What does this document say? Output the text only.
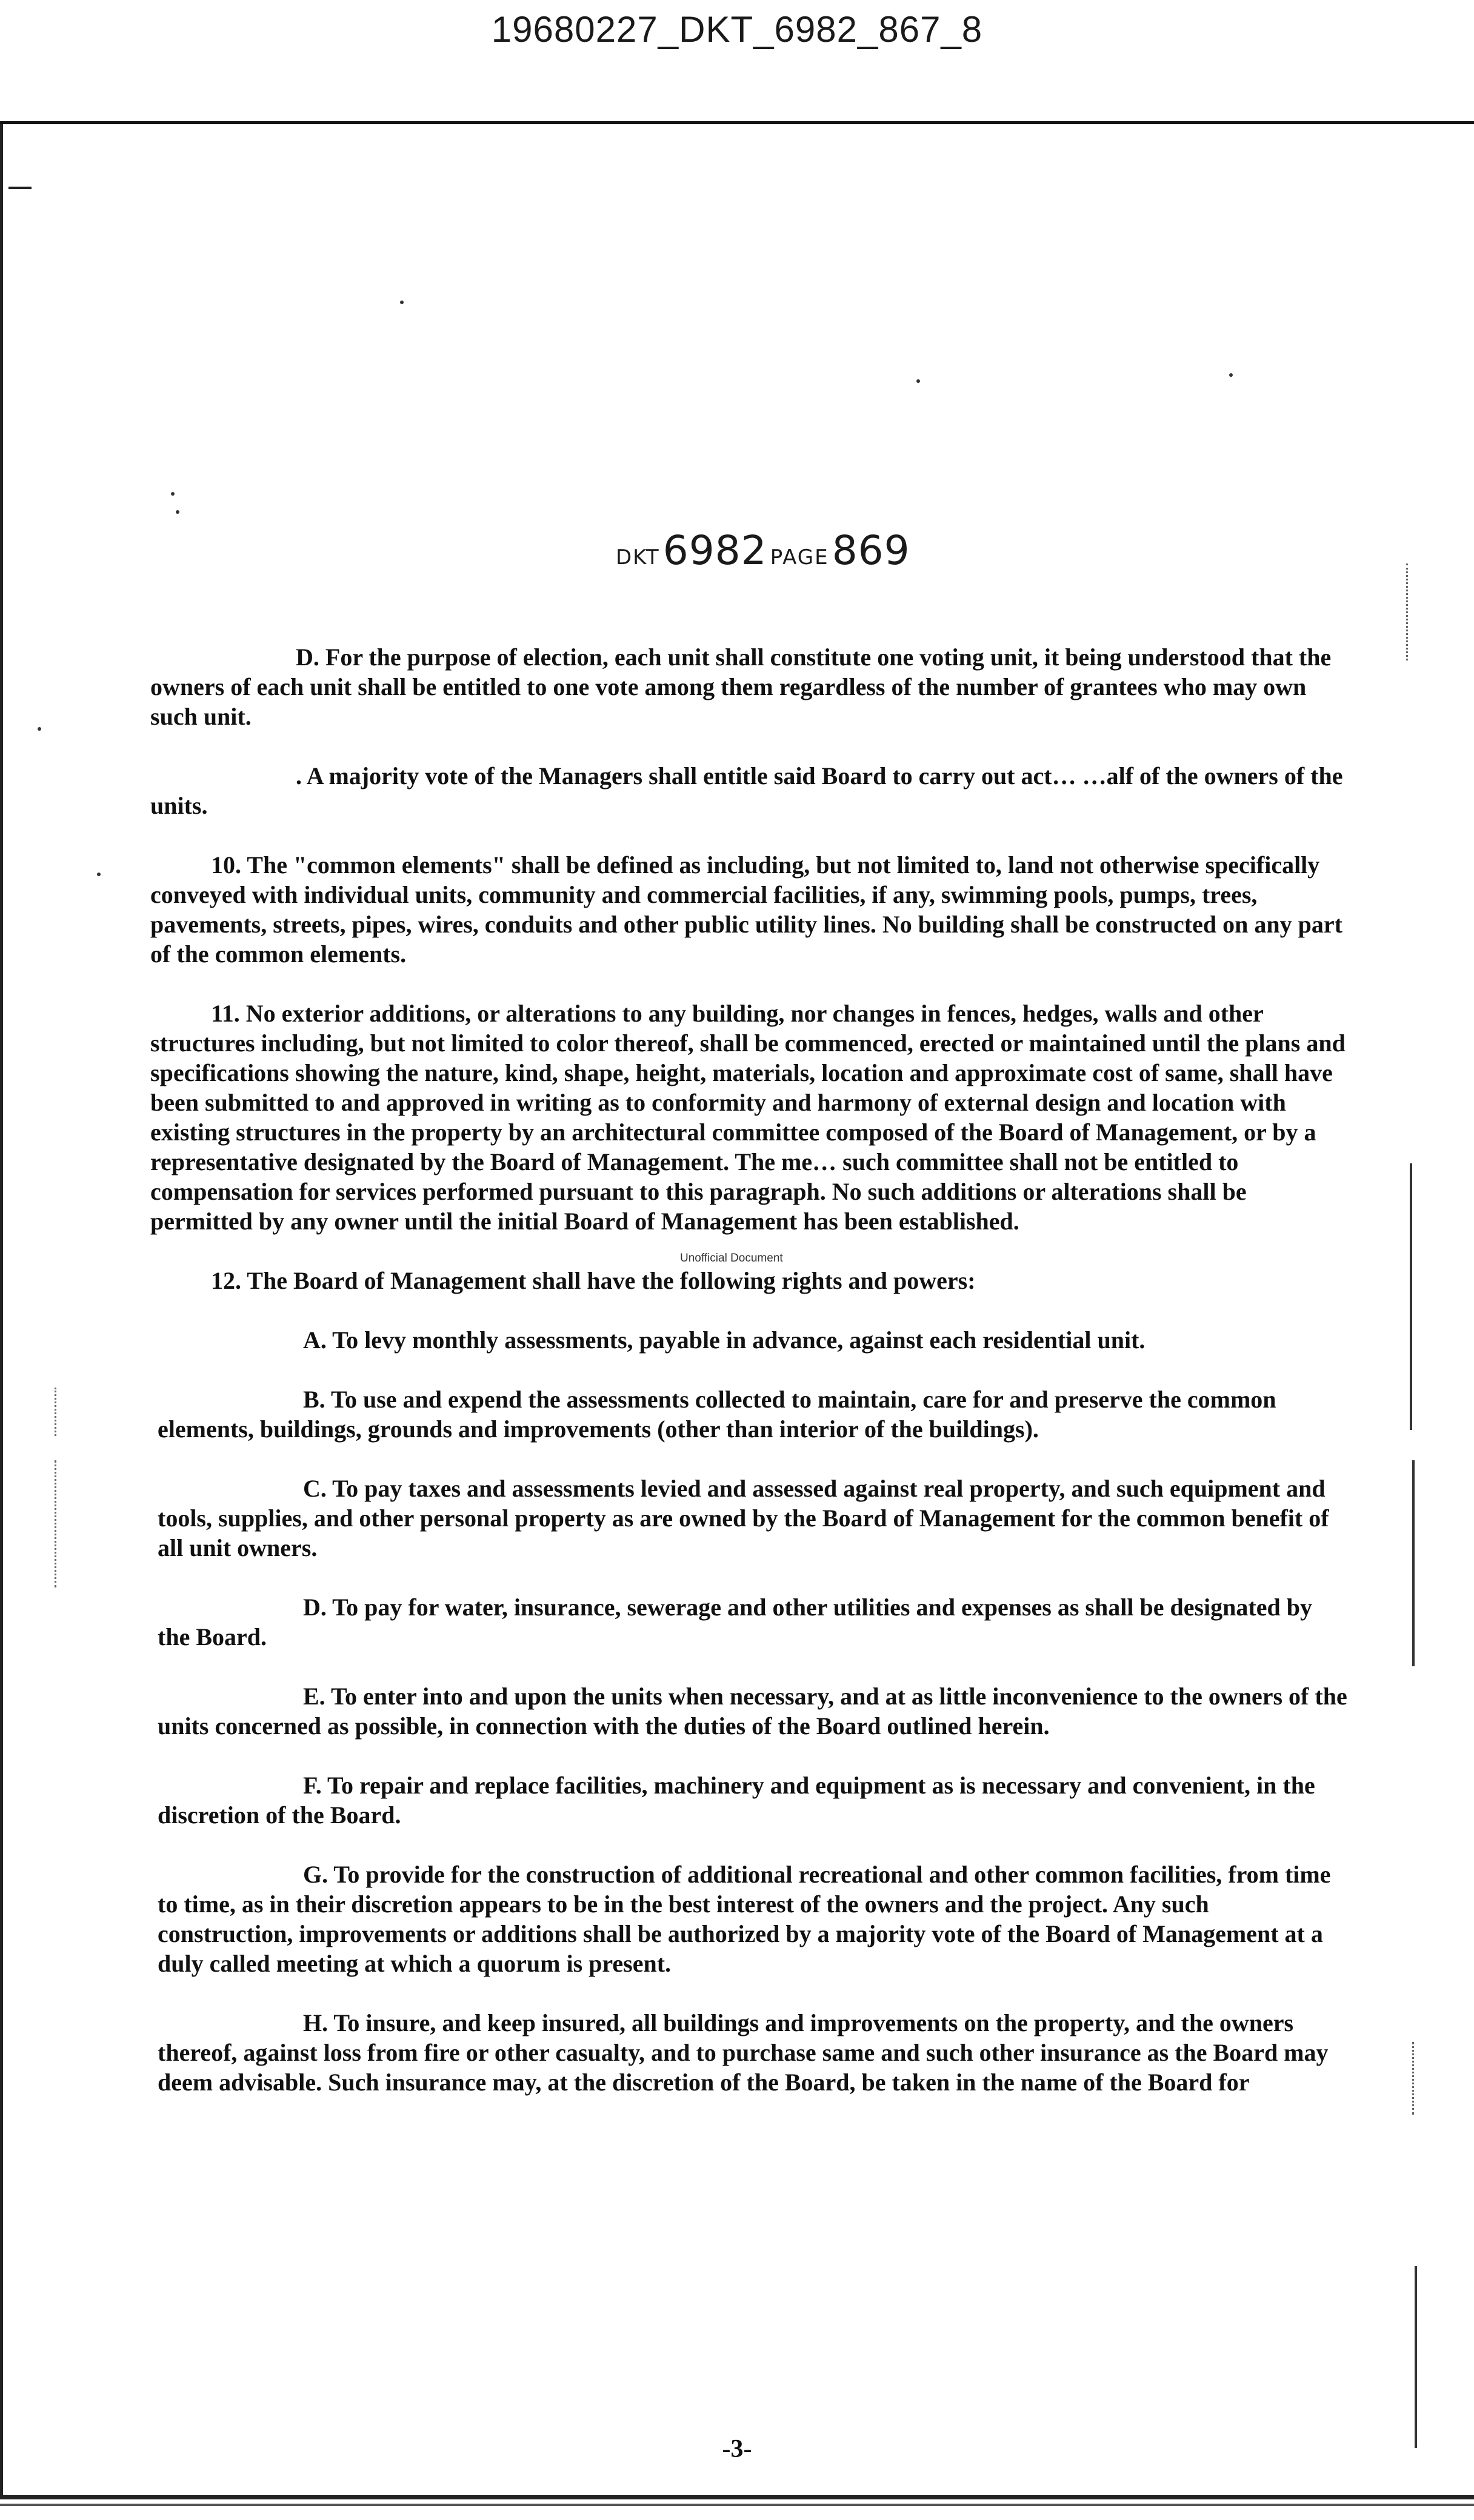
19680227_DKT_6982_867_8
DKT 6982 PAGE 869

D. For the purpose of election, each unit shall constitute one voting unit, it being understood that the owners of each unit shall be entitled to one vote among them regardless of the number of grantees who may own such unit.

. A majority vote of the Managers shall entitle said Board to carry out act… …alf of the owners of the units.

10. The "common elements" shall be defined as including, but not limited to, land not otherwise specifically conveyed with individual units, community and commercial facilities, if any, swimming pools, pumps, trees, pavements, streets, pipes, wires, conduits and other public utility lines. No building shall be constructed on any part of the common elements.

11. No exterior additions, or alterations to any building, nor changes in fences, hedges, walls and other structures including, but not limited to color thereof, shall be commenced, erected or maintained until the plans and specifications showing the nature, kind, shape, height, materials, location and approximate cost of same, shall have been submitted to and approved in writing as to conformity and harmony of external design and location with existing structures in the property by an architectural committee composed of the Board of Management, or by a representative designated by the Board of Management. The me… such committee shall not be entitled to compensation for services performed pursuant to this paragraph. No such additions or alterations shall be permitted by any owner until the initial Board of Management has been established.

12. The Board of Management shall have the following rights and powers:

A. To levy monthly assessments, payable in advance, against each residential unit.

B. To use and expend the assessments collected to maintain, care for and preserve the common elements, buildings, grounds and improvements (other than interior of the buildings).

C. To pay taxes and assessments levied and assessed against real property, and such equipment and tools, supplies, and other personal property as are owned by the Board of Management for the common benefit of all unit owners.

D. To pay for water, insurance, sewerage and other utilities and expenses as shall be designated by the Board.

E. To enter into and upon the units when necessary, and at as little inconvenience to the owners of the units concerned as possible, in connection with the duties of the Board outlined herein.

F. To repair and replace facilities, machinery and equipment as is necessary and convenient, in the discretion of the Board.

G. To provide for the construction of additional recreational and other common facilities, from time to time, as in their discretion appears to be in the best interest of the owners and the project. Any such construction, improvements or additions shall be authorized by a majority vote of the Board of Management at a duly called meeting at which a quorum is present.

H. To insure, and keep insured, all buildings and improvements on the property, and the owners thereof, against loss from fire or other casualty, and to purchase same and such other insurance as the Board may deem advisable. Such insurance may, at the discretion of the Board, be taken in the name of the Board for

Unofficial Document
-3-
